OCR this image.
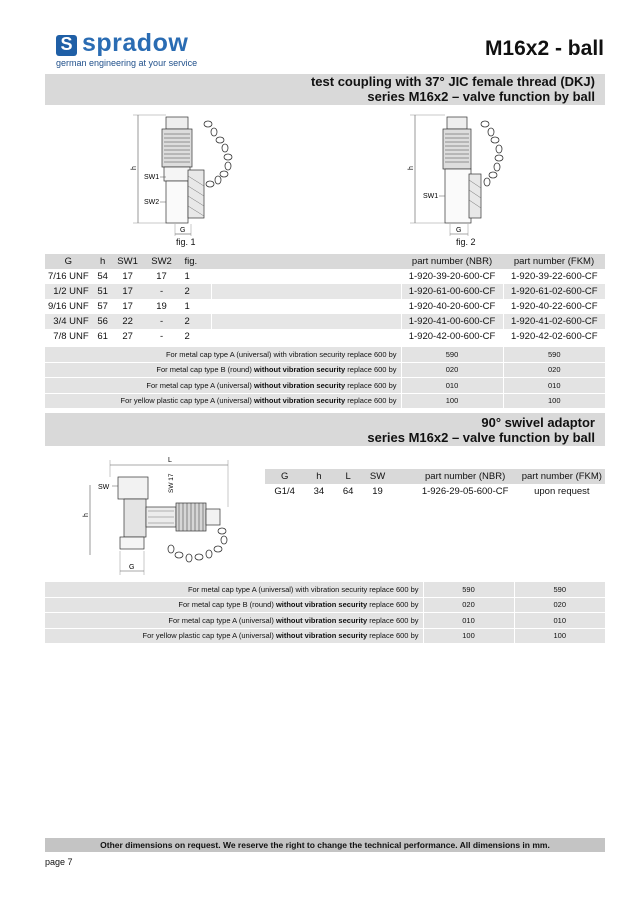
S spradow
german engineering at your service
M16x2 - ball
test coupling with 37° JIC female thread (DKJ)
series M16x2 – valve function by ball
h
SW1
SW2
G
fig. 1
h
SW1
G
fig. 2
G	h	SW1	SW2	fig.		part number (NBR)	part number (FKM)
7/16 UNF	54	17	17	1		1-920-39-20-600-CF	1-920-39-22-600-CF
1/2 UNF	51	17	-	2		1-920-61-00-600-CF	1-920-61-02-600-CF
9/16 UNF	57	17	19	1		1-920-40-20-600-CF	1-920-40-22-600-CF
3/4 UNF	56	22	-	2		1-920-41-00-600-CF	1-920-41-02-600-CF
7/8 UNF	61	27	-	2		1-920-42-00-600-CF	1-920-42-02-600-CF
For metal cap type A (universal) with vibration security replace 600 by	590	590
For metal cap type B (round) without vibration security replace 600 by	020	020
For metal cap type A (universal) without vibration security replace 600 by	010	010
For yellow plastic cap type A (universal) without vibration security replace 600 by	100	100
90° swivel adaptor
series M16x2 – valve function by ball
L
SW 17
SW
h
G
G	h	L	SW		part number (NBR)	part number (FKM)
G1/4	34	64	19		1-926-29-05-600-CF	upon request
For metal cap type A (universal) with vibration security replace 600 by	590	590
For metal cap type B (round) without vibration security replace 600 by	020	020
For metal cap type A (universal) without vibration security replace 600 by	010	010
For yellow plastic cap type A (universal) without vibration security replace 600 by	100	100
Other dimensions on request. We reserve the right to change the technical performance. All dimensions in mm.
page 7
